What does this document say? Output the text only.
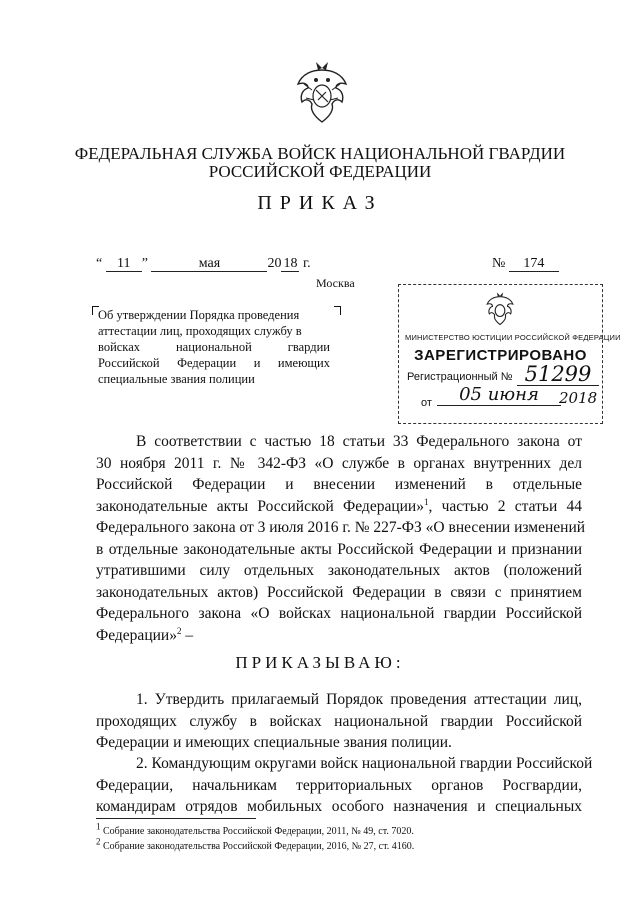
ФЕДЕРАЛЬНАЯ СЛУЖБА ВОЙСК НАЦИОНАЛЬНОЙ ГВАРДИИ
РОССИЙСКОЙ ФЕДЕРАЦИИ
ПРИКАЗ
“ 11 ”	мая	20 18 г.	№ 174
Москва
Об утверждении Порядка проведения
аттестации лиц, проходящих службу в
войсках национальной гвардии
Российской Федерации и имеющих
специальные звания полиции
МИНИСТЕРСТВО ЮСТИЦИИ РОССИЙСКОЙ ФЕДЕРАЦИИ
ЗАРЕГИСТРИРОВАНО
Регистрационный № 51299
от	05 июня	2018
В соответствии с частью 18 статьи 33 Федерального закона от
30 ноября 2011 г. № 342-ФЗ «О службе в органах внутренних дел
Российской Федерации и внесении изменений в отдельные
законодательные акты Российской Федерации»$^1$, частью 2 статьи 44
Федерального закона от 3 июля 2016 г. № 227-ФЗ «О внесении изменений
в отдельные законодательные акты Российской Федерации и признании
утратившими силу отдельных законодательных актов (положений
законодательных актов) Российской Федерации в связи с принятием
Федерального закона «О войсках национальной гвардии Российской
Федерации»$^2$ –
ПРИКАЗЫВАЮ:
1. Утвердить прилагаемый Порядок проведения аттестации лиц,
проходящих службу в войсках национальной гвардии Российской
Федерации и имеющих специальные звания полиции.
2. Командующим округами войск национальной гвардии Российской
Федерации, начальникам территориальных органов Росгвардии,
командирам отрядов мобильных особого назначения и специальных
$^1$ Собрание законодательства Российской Федерации, 2011, № 49, ст. 7020.
$^2$ Собрание законодательства Российской Федерации, 2016, № 27, ст. 4160.
